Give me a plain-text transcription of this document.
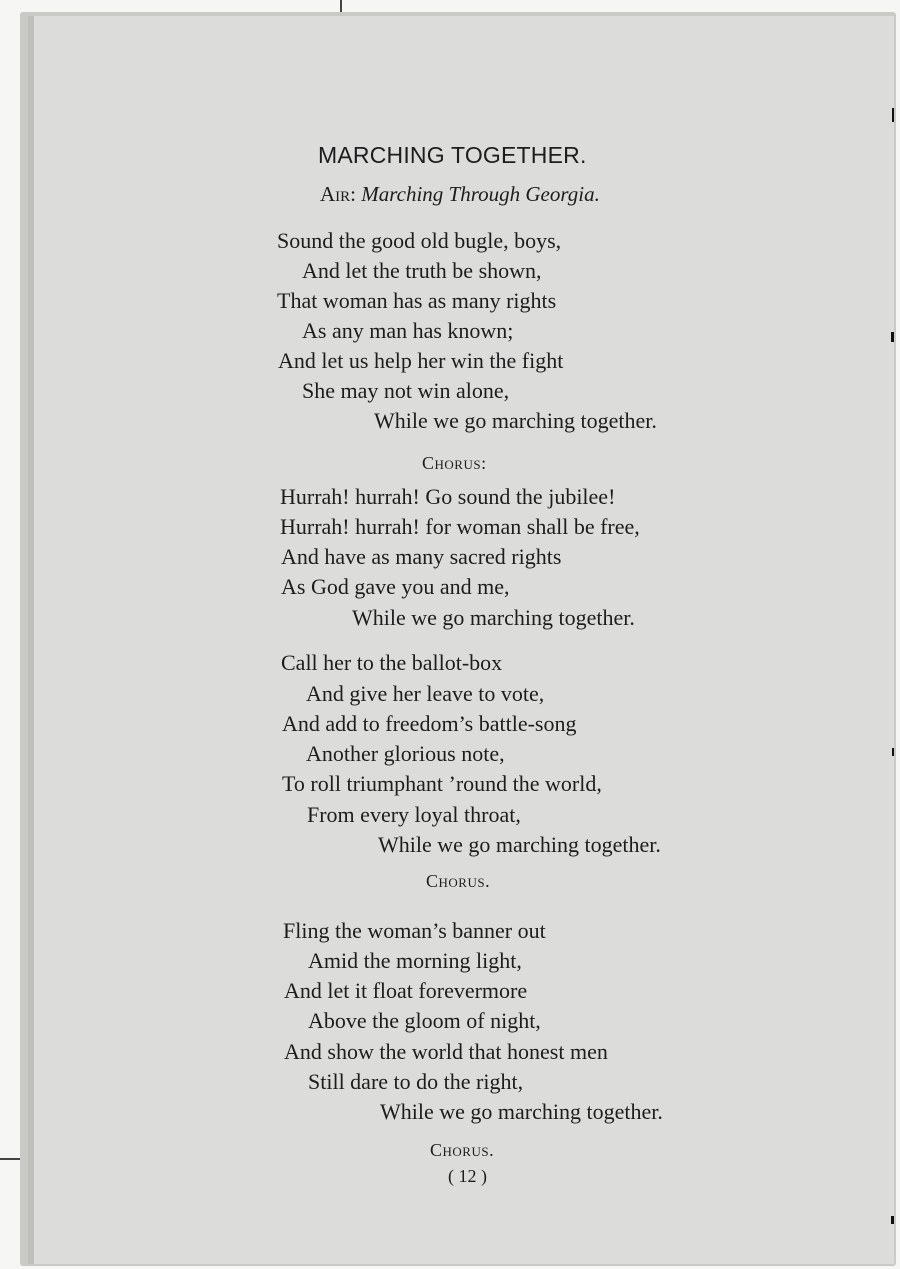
MARCHING TOGETHER.
Air: Marching Through Georgia.
Sound the good old bugle, boys,
And let the truth be shown,
That woman has as many rights
As any man has known;
And let us help her win the fight
She may not win alone,
While we go marching together.
Chorus:
Hurrah! hurrah! Go sound the jubilee!
Hurrah! hurrah! for woman shall be free,
And have as many sacred rights
As God gave you and me,
While we go marching together.
Call her to the ballot-box
And give her leave to vote,
And add to freedom’s battle-song
Another glorious note,
To roll triumphant ’round the world,
From every loyal throat,
While we go marching together.
Chorus.
Fling the woman’s banner out
Amid the morning light,
And let it float forevermore
Above the gloom of night,
And show the world that honest men
Still dare to do the right,
While we go marching together.
Chorus.
( 12 )
